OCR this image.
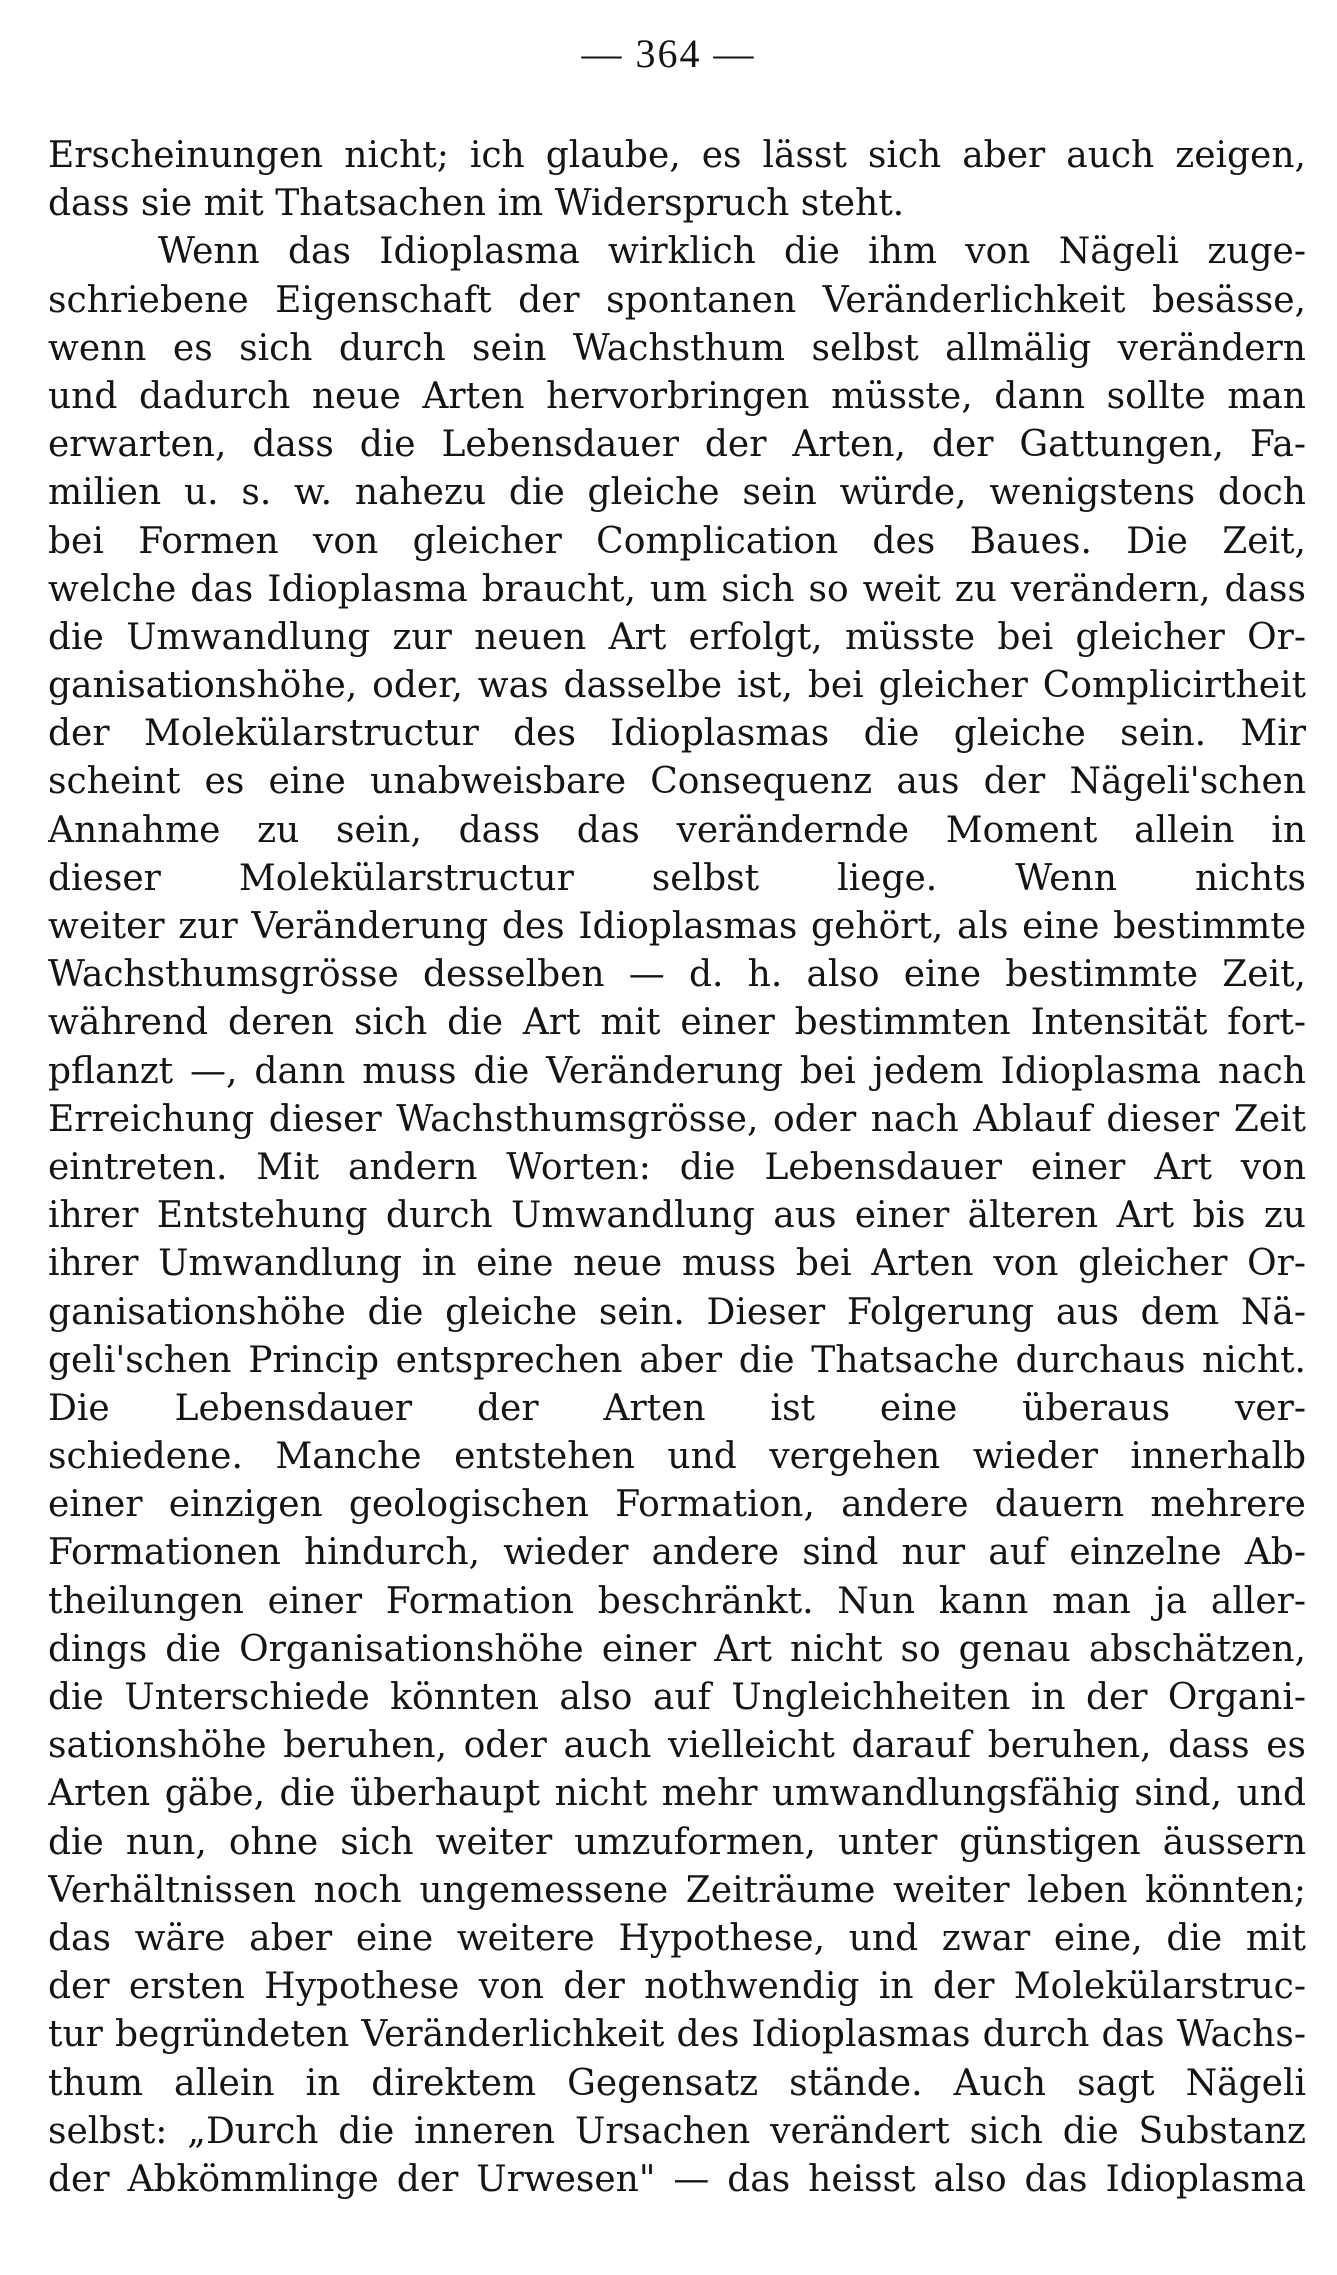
— 364 —
Erscheinungen nicht; ich glaube, es lässt sich aber auch zeigen,
dass sie mit Thatsachen im Widerspruch steht.
Wenn das Idioplasma wirklich die ihm von Nägeli zuge-
schriebene Eigenschaft der spontanen Veränderlichkeit besässe,
wenn es sich durch sein Wachsthum selbst allmälig verändern
und dadurch neue Arten hervorbringen müsste, dann sollte man
erwarten, dass die Lebensdauer der Arten, der Gattungen, Fa-
milien u. s. w. nahezu die gleiche sein würde, wenigstens doch
bei Formen von gleicher Complication des Baues. Die Zeit,
welche das Idioplasma braucht, um sich so weit zu verändern, dass
die Umwandlung zur neuen Art erfolgt, müsste bei gleicher Or-
ganisationshöhe, oder, was dasselbe ist, bei gleicher Complicirtheit
der Molekülarstructur des Idioplasmas die gleiche sein. Mir
scheint es eine unabweisbare Consequenz aus der Nägeli'schen
Annahme zu sein, dass das verändernde Moment allein in
dieser Molekülarstructur selbst liege. Wenn nichts
weiter zur Veränderung des Idioplasmas gehört, als eine bestimmte
Wachsthumsgrösse desselben — d. h. also eine bestimmte Zeit,
während deren sich die Art mit einer bestimmten Intensität fort-
pflanzt —, dann muss die Veränderung bei jedem Idioplasma nach
Erreichung dieser Wachsthumsgrösse, oder nach Ablauf dieser Zeit
eintreten. Mit andern Worten: die Lebensdauer einer Art von
ihrer Entstehung durch Umwandlung aus einer älteren Art bis zu
ihrer Umwandlung in eine neue muss bei Arten von gleicher Or-
ganisationshöhe die gleiche sein. Dieser Folgerung aus dem Nä-
geli'schen Princip entsprechen aber die Thatsache durchaus nicht.
Die Lebensdauer der Arten ist eine überaus ver-
schiedene. Manche entstehen und vergehen wieder innerhalb
einer einzigen geologischen Formation, andere dauern mehrere
Formationen hindurch, wieder andere sind nur auf einzelne Ab-
theilungen einer Formation beschränkt. Nun kann man ja aller-
dings die Organisationshöhe einer Art nicht so genau abschätzen,
die Unterschiede könnten also auf Ungleichheiten in der Organi-
sationshöhe beruhen, oder auch vielleicht darauf beruhen, dass es
Arten gäbe, die überhaupt nicht mehr umwandlungsfähig sind, und
die nun, ohne sich weiter umzuformen, unter günstigen äussern
Verhältnissen noch ungemessene Zeiträume weiter leben könnten;
das wäre aber eine weitere Hypothese, und zwar eine, die mit
der ersten Hypothese von der nothwendig in der Molekülarstruc-
tur begründeten Veränderlichkeit des Idioplasmas durch das Wachs-
thum allein in direktem Gegensatz stände. Auch sagt Nägeli
selbst: „Durch die inneren Ursachen verändert sich die Substanz
der Abkömmlinge der Urwesen" — das heisst also das Idioplasma
